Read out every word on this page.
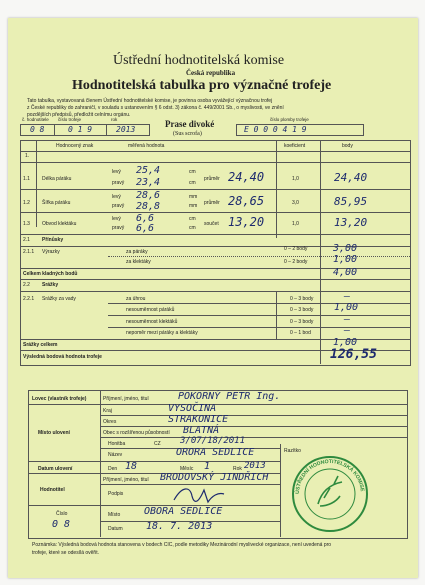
Ústřední hodnotitelská komise
Česká republika
Hodnotitelská tabulka pro význačné trofeje
Tato tabulka, vystavovaná členem Ústřední hodnotitelské komise, je povinna osoba vyvážející význačnou trofej
z České republiky do zahraničí, v souladu s ustanovením § 6 odst. 3) zákona č. 449/2001 Sb., o myslivosti, ve znění
pozdějších předpisů, předložit celnímu orgánu.
č. hodnotitele číslo trofeje	rok
0 8	0 1 9	2013
Prase divoké
(Sus scrofa)
číslo plomby trofeje
E 0 0 0 4 1 9
Hodnocený znak	měřená hodnota	koeficient	body
1.
1.1 Délka páráku
levý
pravý
25,4
23,4
cm
cm
průměr 24,40	1,0	24,40
1.2 Šířka páráku
levý
pravý
28,6
28,8
mm
mm průměr 28,65	3,0	85,95
1.3 Obvod klektáku
levý
pravý
6,6
6,6
cm
cm
součet 13,20	1,0	13,20
2.1 Přínůsky
2.1.1 Výrazky	za páráky	0 – 2 body	3,00
za klektáky	0 – 2 body	1,00
Celkem kladných bodů	4,00
2.2 Srážky
2.2.1 Srážky za vady	za úhrou	0 – 3 body	—
nesouměrnost páráků	0 – 3 body 1,00
nesouměrnost klektáků	0 – 3 body	—
nepoměr mezi páráky a klektáky	0 – 1 bod	—
Srážky celkem	1,00
Výsledná bodová hodnota trofeje	126,55
Lovec (vlastník trofeje)	Příjmení, jméno, titul	POKORNÝ PETR Ing.
Kraj	VYSOČINA
Okres	STRAKONICE
Místo ulovení	Obec s rozšířenou působností BLATNÁ
Honitba	CZ 3/07/18/2011
Název	ORORA SEDLICE
Datum ulovení	Den 18	Měsíc 1	Rok 2013
Razítko
Příjmení, jméno, titul BRODOVSKÝ JINDŘICH
Hodnotitel
Podpis
Číslo
0 8
Místo OBORA SEDLICE
Datum 18. 7. 2013
ÚSTŘEDNÍ HODNOTITELSKÁ KOMISE
Poznámka: Výsledná bodová hodnota stanovena v bodech CIC, podle metodiky Mezinárodní myslivecké organizace, není uvedená pro
trofeje, které se odesílá ověřit.
